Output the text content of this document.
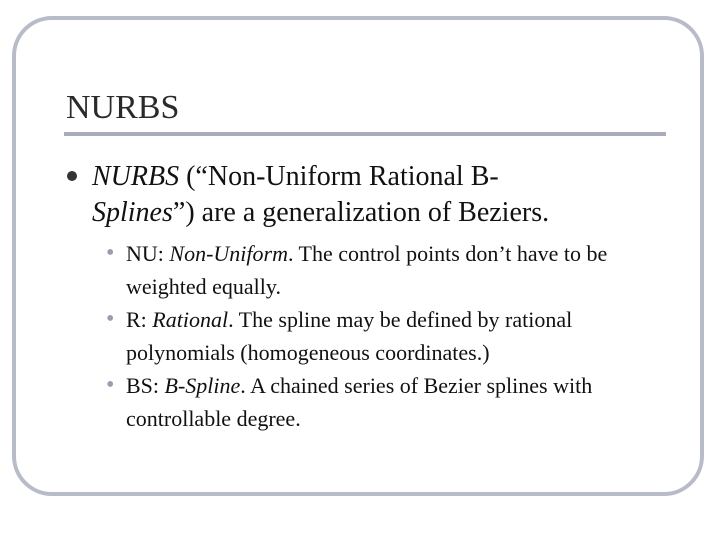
NURBS
NURBS (“Non-Uniform Rational B-
Splines”) are a generalization of Beziers.
• NU: Non-Uniform. The control points don’t have to be weighted equally.
• R: Rational. The spline may be defined by rational polynomials (homogeneous coordinates.)
• BS: B-Spline. A chained series of Bezier splines with controllable degree.
